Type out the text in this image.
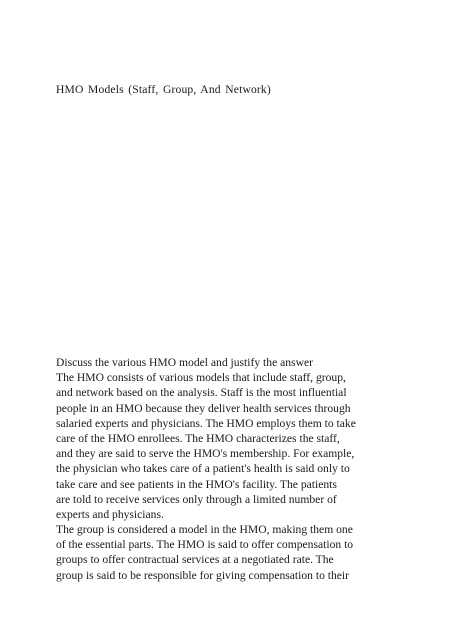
HMO Models (Staff, Group, And Network)
Discuss the various HMO model and justify the answer
The HMO consists of various models that include staff, group,
and network based on the analysis. Staff is the most influential
people in an HMO because they deliver health services through
salaried experts and physicians. The HMO employs them to take
care of the HMO enrollees. The HMO characterizes the staff,
and they are said to serve the HMO's membership. For example,
the physician who takes care of a patient's health is said only to
take care and see patients in the HMO's facility. The patients
are told to receive services only through a limited number of
experts and physicians.
The group is considered a model in the HMO, making them one
of the essential parts. The HMO is said to offer compensation to
groups to offer contractual services at a negotiated rate. The
group is said to be responsible for giving compensation to their
